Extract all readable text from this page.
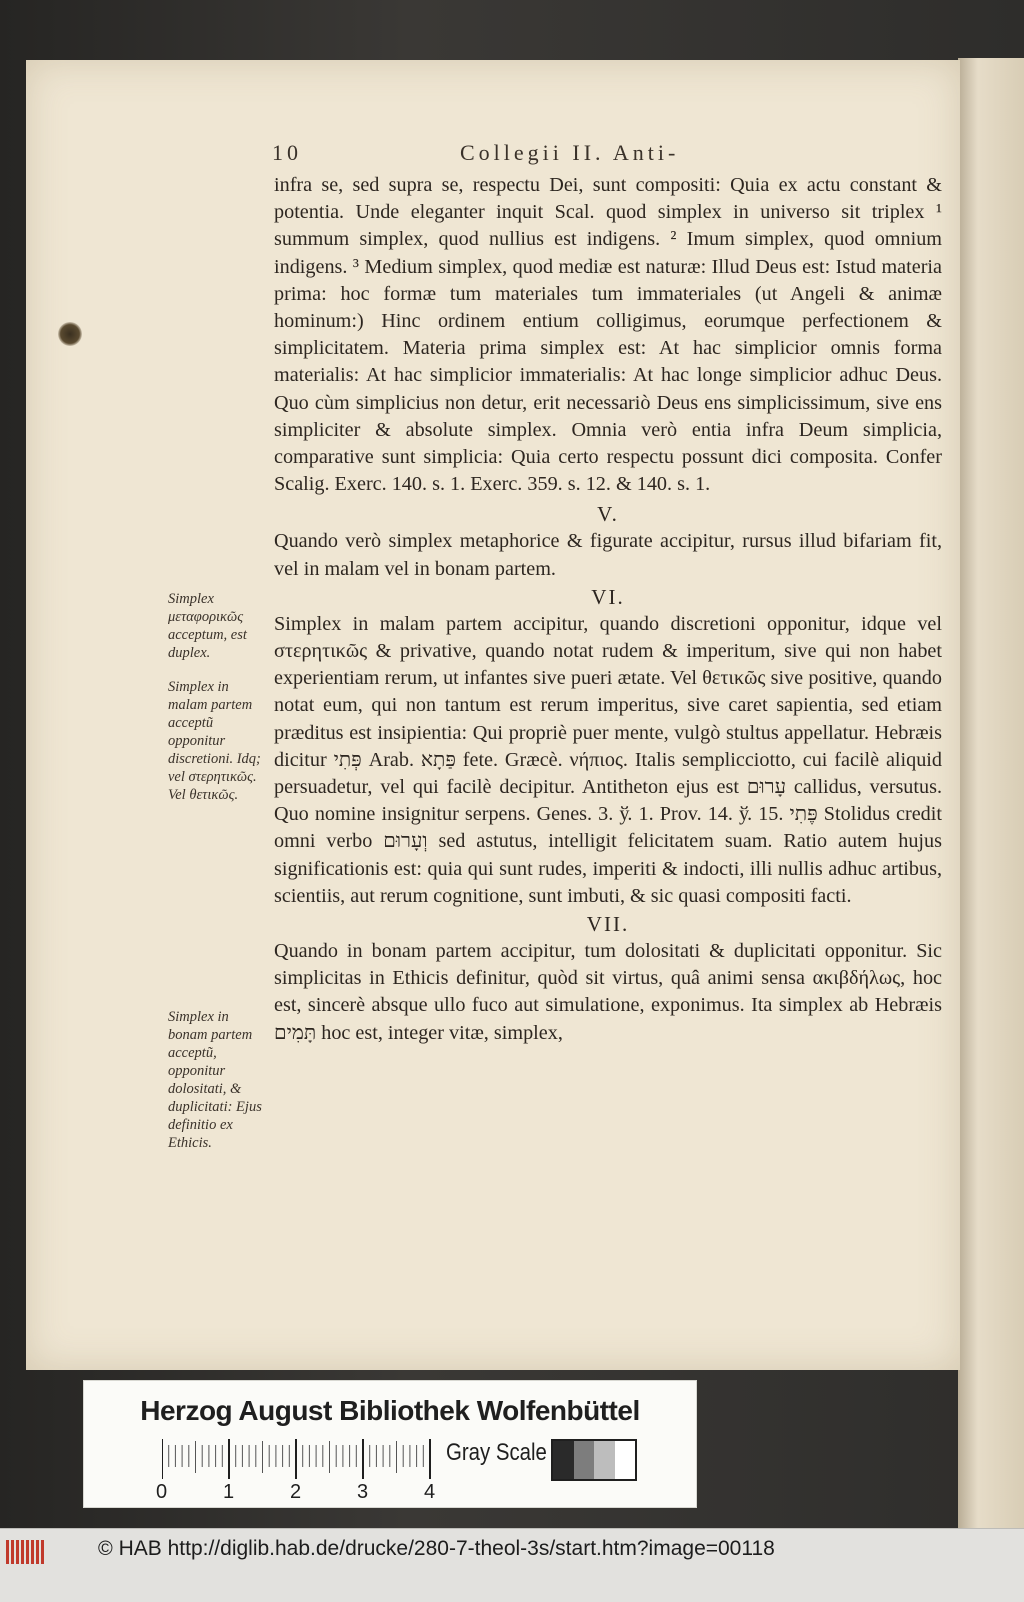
10	Collegii II. Anti-

infra se, sed supra se, respectu Dei, sunt compositi: Quia ex actu constant & potentia. Unde eleganter inquit Scal. quod simplex in universo sit triplex ¹ summum simplex, quod nullius est indigens. ² Imum simplex, quod omnium indigens. ³ Medium simplex, quod mediæ est naturæ: Illud Deus est: Istud materia prima: hoc formæ tum materiales tum immateriales (ut Angeli & animæ hominum:) Hinc ordinem entium colligimus, eorumque perfectionem & simplicitatem. Materia prima simplex est: At hac simplicior omnis forma materialis: At hac simplicior immaterialis: At hac longe simplicior adhuc Deus. Quo cùm simplicius non detur, erit necessariò Deus ens simplicissimum, sive ens simpliciter & absolute simplex. Omnia verò entia infra Deum simplicia, comparative sunt simplicia: Quia certo respectu possunt dici composita. Confer Scalig. Exerc. 140. s. 1. Exerc. 359. s. 12. & 140. s. 1.

V.

Quando verò simplex metaphorice & figurate accipitur, rursus illud bifariam fit, vel in malam vel in bonam partem.

VI.

Simplex in malam partem accipitur, quando discretioni opponitur, idque vel στερητικῶς & privative, quando notat rudem & imperitum, sive qui non habet experientiam rerum, ut infantes sive pueri ætate. Vel θετικῶς sive positive, quando notat eum, qui non tantum est rerum imperitus, sive caret sapientia, sed etiam præditus est insipientia: Qui propriè puer mente, vulgò stultus appellatur. Hebræis dicitur פְּתִי Arab. פַּתָא fete. Græcè. νήπιος. Italis semplicciotto, cui facilè aliquid persuadetur, vel qui facilè decipitur. Antitheton ejus est עָרוּם callidus, versutus. Quo nomine insignitur serpens. Genes. 3. ў. 1. Prov. 14. ў. 15. פֶּתִי Stolidus credit omni verbo וְעָרוּם sed astutus, intelligit felicitatem suam. Ratio autem hujus significationis est: quia qui sunt rudes, imperiti & indocti, illi nullis adhuc artibus, scientiis, aut rerum cognitione, sunt imbuti, & sic quasi compositi facti.

VII.

Quando in bonam partem accipitur, tum dolositati & duplicitati opponitur. Sic simplicitas in Ethicis definitur, quòd sit virtus, quâ animi sensa ακιβδήλως, hoc est, sincerè absque ullo fuco aut simulatione, exponimus. Ita simplex ab Hebræis תָּמִים hoc est, integer vitæ, simplex,

Simplex μεταφορικῶς acceptum, est duplex.
Simplex in malam partem acceptũ opponitur discretioni. Idq; vel στερητικῶς. Vel θετικῶς.
Simplex in bonam partem acceptũ, opponitur dolositati, & duplicitati: Ejus definitio ex Ethicis.
Herzog August Bibliothek Wolfenbüttel
0	1	2	3	4
Gray Scale
© HAB http://diglib.hab.de/drucke/280-7-theol-3s/start.htm?image=00118
